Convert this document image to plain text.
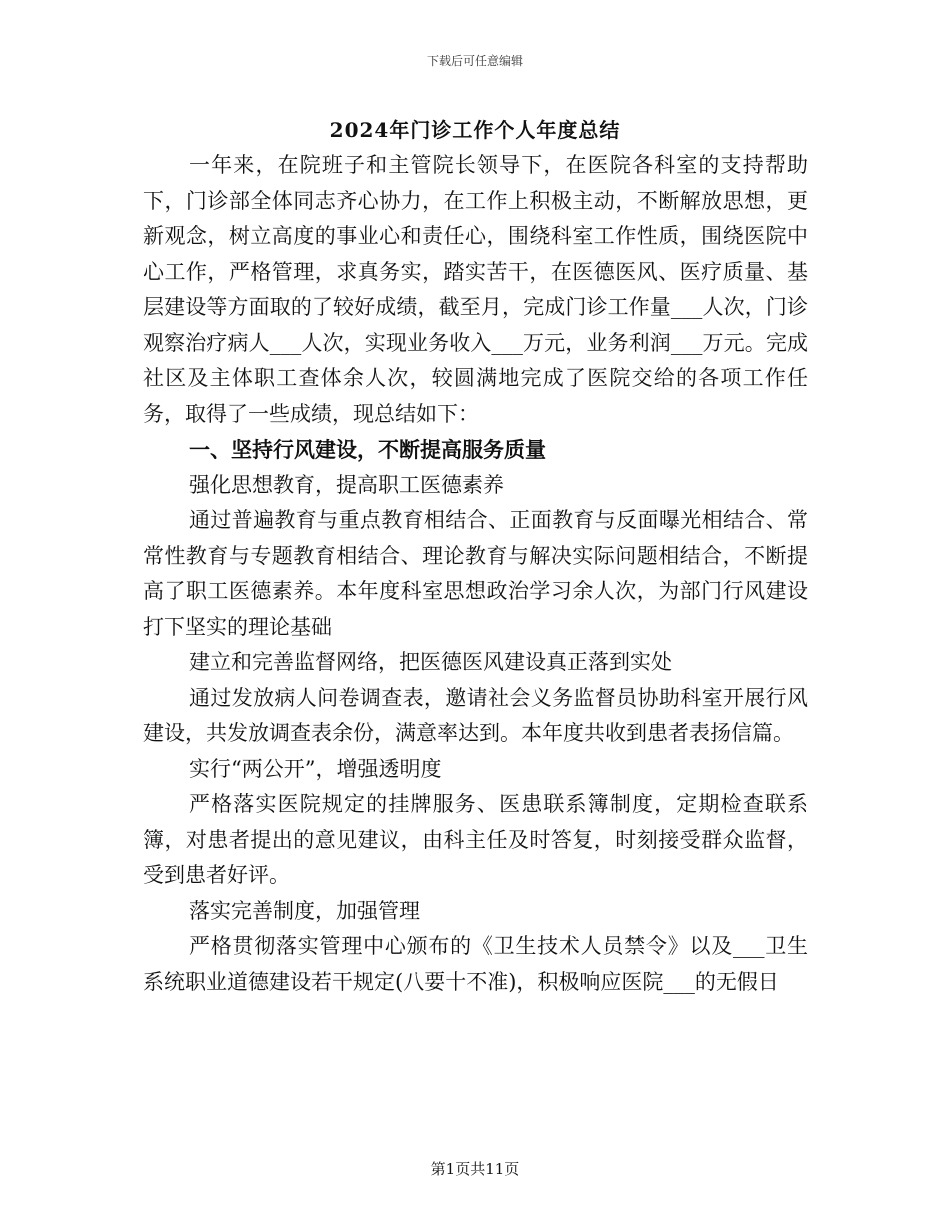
下载后可任意编辑
2024年门诊工作个人年度总结

一年来，在院班子和主管院长领导下，在医院各科室的支持帮助下，门诊部全体同志齐心协力，在工作上积极主动，不断解放思想，更新观念，树立高度的事业心和责任心，围绕科室工作性质，围绕医院中心工作，严格管理，求真务实，踏实苦干，在医德医风、医疗质量、基层建设等方面取的了较好成绩，截至月，完成门诊工作量___人次，门诊观察治疗病人___人次，实现业务收入___万元，业务利润___万元。完成社区及主体职工查体余人次，较圆满地完成了医院交给的各项工作任务，取得了一些成绩，现总结如下：

一、坚持行风建设，不断提高服务质量

强化思想教育，提高职工医德素养

通过普遍教育与重点教育相结合、正面教育与反面曝光相结合、常常性教育与专题教育相结合、理论教育与解决实际问题相结合，不断提高了职工医德素养。本年度科室思想政治学习余人次，为部门行风建设打下坚实的理论基础

建立和完善监督网络，把医德医风建设真正落到实处

通过发放病人问卷调查表，邀请社会义务监督员协助科室开展行风建设，共发放调查表余份，满意率达到。本年度共收到患者表扬信篇。

实行“两公开”，增强透明度

严格落实医院规定的挂牌服务、医患联系簿制度，定期检查联系簿，对患者提出的意见建议，由科主任及时答复，时刻接受群众监督，受到患者好评。

落实完善制度，加强管理

严格贯彻落实管理中心颁布的《卫生技术人员禁令》以及___卫生系统职业道德建设若干规定(八要十不准)，积极响应医院___的无假日

第1页共11页
